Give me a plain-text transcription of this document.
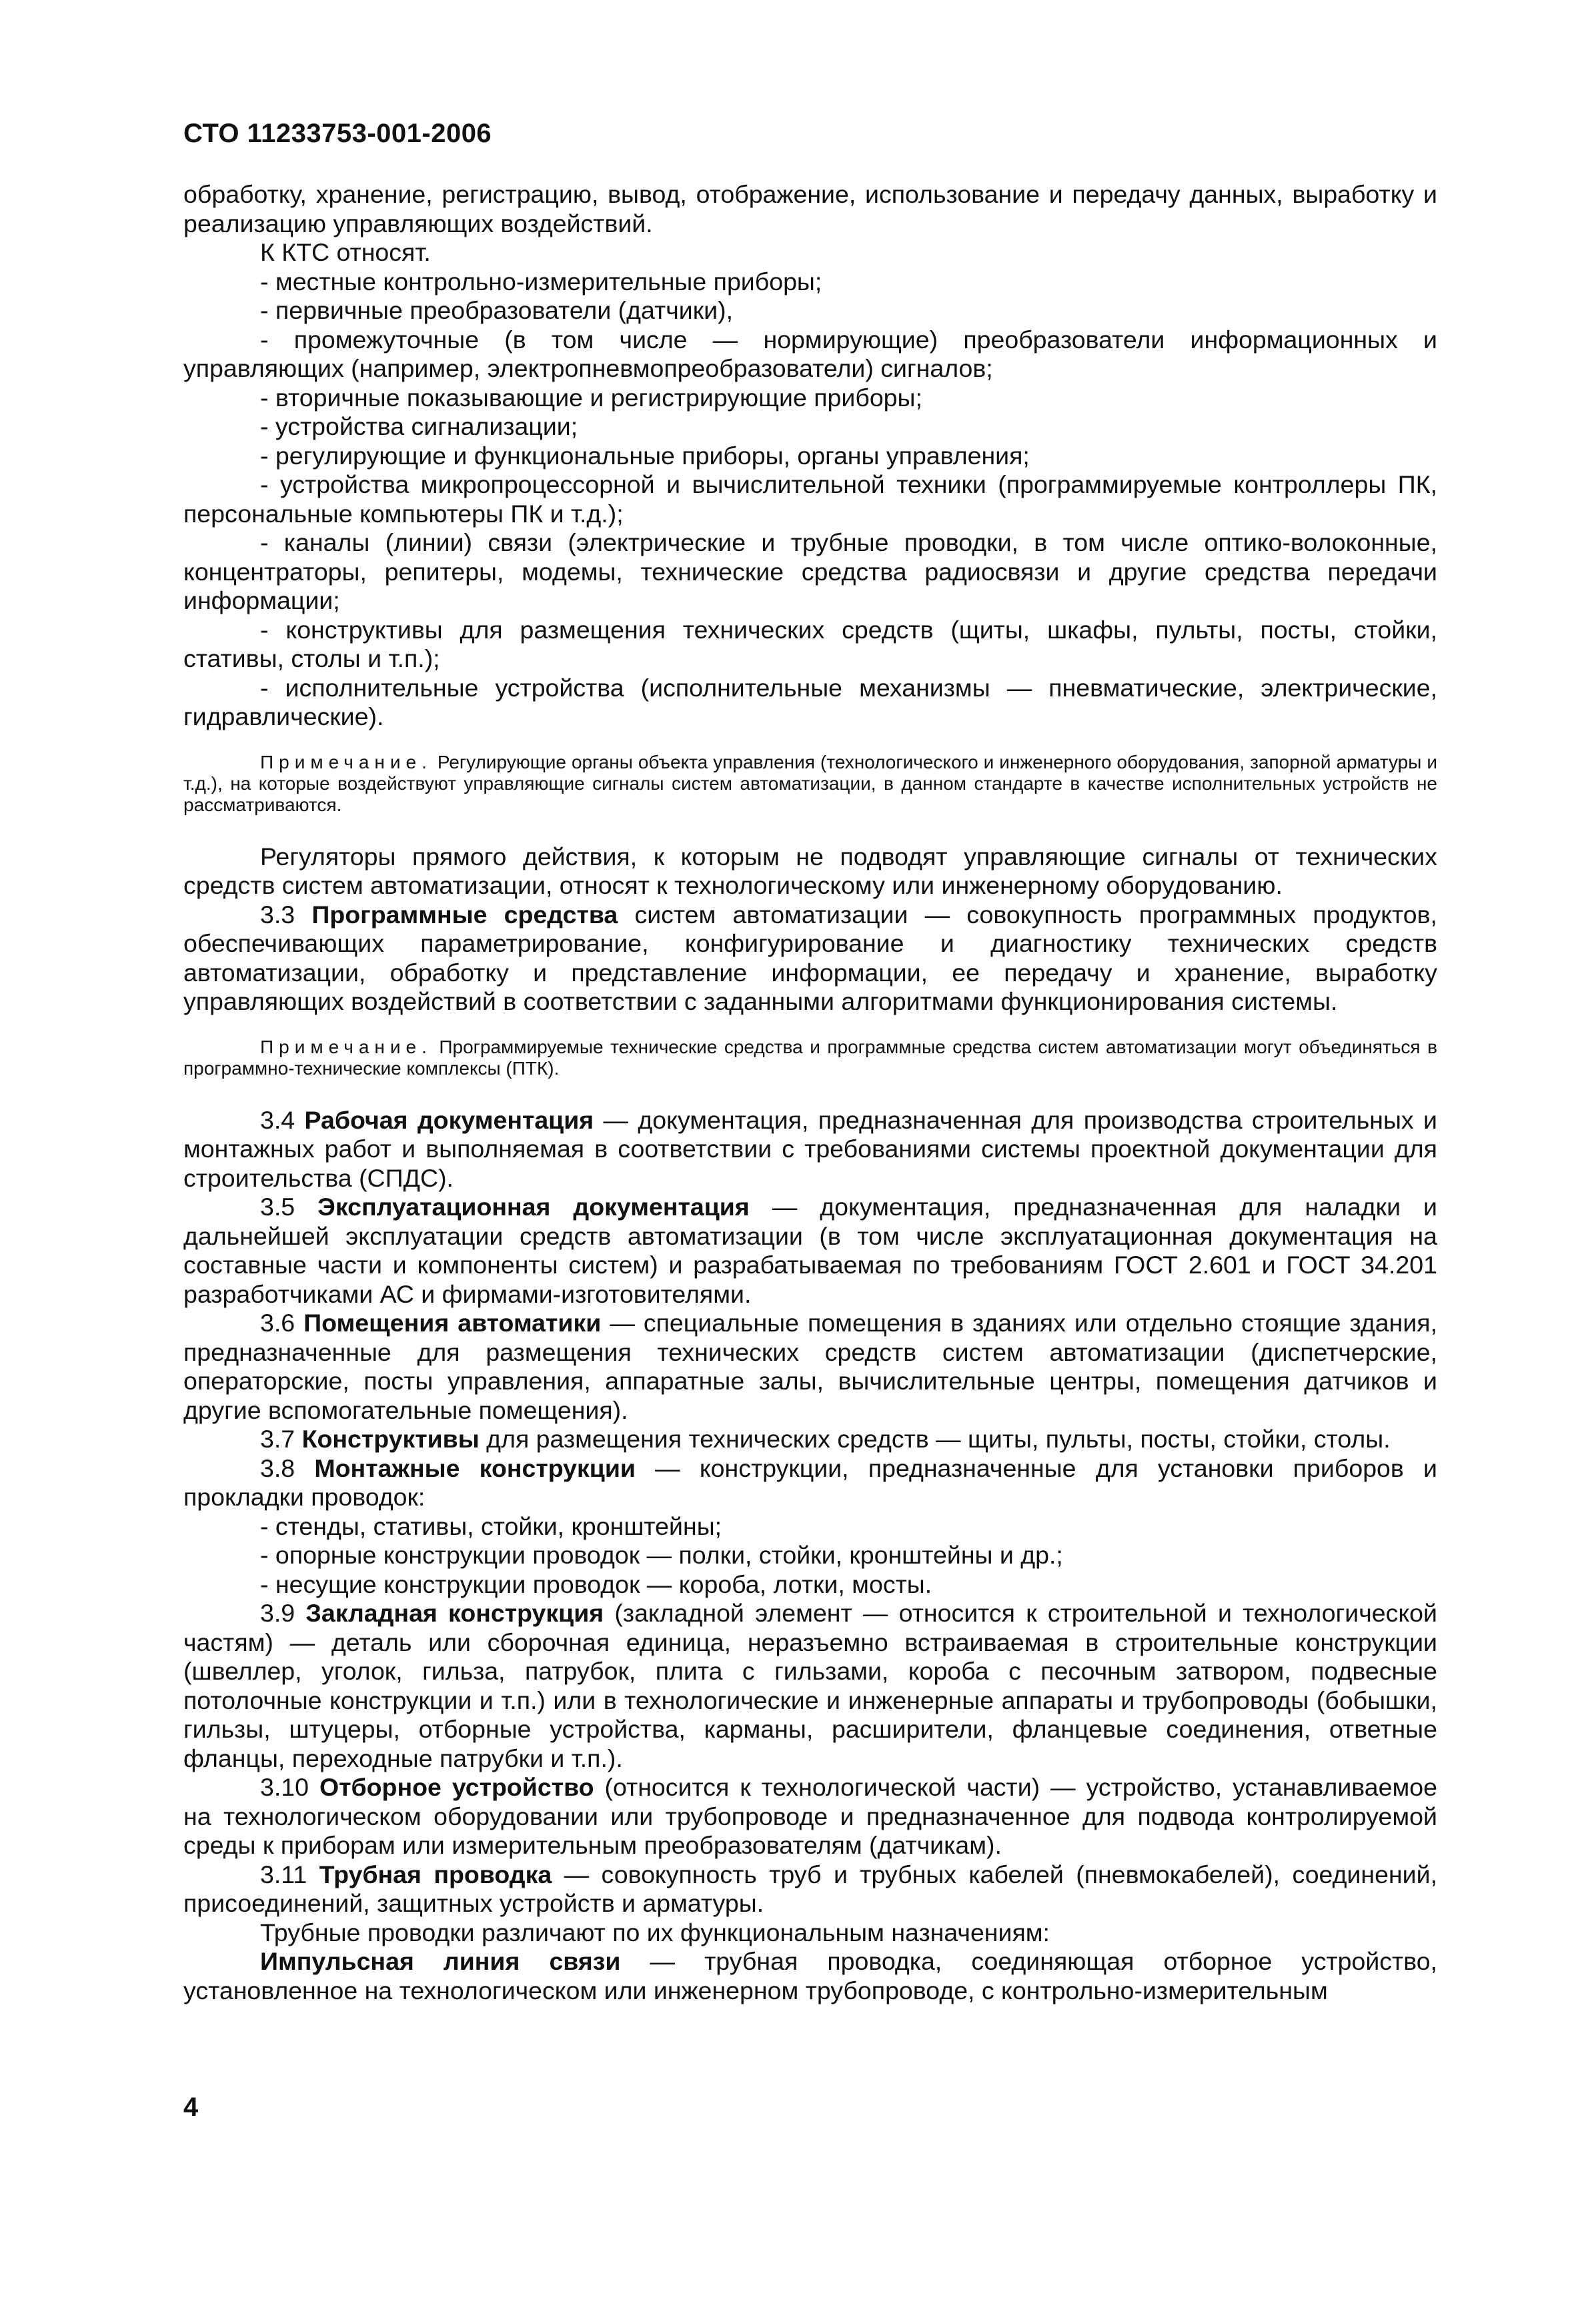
СТО 11233753-001-2006

обработку, хранение, регистрацию, вывод, отображение, использование и передачу данных, выработку и реализацию управляющих воздействий.

К КТС относят.

- местные контрольно-измерительные приборы;

- первичные преобразователи (датчики),

- промежуточные (в том числе — нормирующие) преобразователи информационных и управляющих (например, электропневмопреобразователи) сигналов;

- вторичные показывающие и регистрирующие приборы;

- устройства сигнализации;

- регулирующие и функциональные приборы, органы управления;

- устройства микропроцессорной и вычислительной техники (программируемые контроллеры ПК, персональные компьютеры ПК и т.д.);

- каналы (линии) связи (электрические и трубные проводки, в том числе оптико-волоконные, концентраторы, репитеры, модемы, технические средства радиосвязи и другие средства передачи информации;

- конструктивы для размещения технических средств (щиты, шкафы, пульты, посты, стойки, стативы, столы и т.п.);

- исполнительные устройства (исполнительные механизмы — пневматические, электрические, гидравлические).

Примечание. Регулирующие органы объекта управления (технологического и инженерного оборудования, запорной арматуры и т.д.), на которые воздействуют управляющие сигналы систем автоматизации, в данном стандарте в качестве исполнительных устройств не рассматриваются.

Регуляторы прямого действия, к которым не подводят управляющие сигналы от технических средств систем автоматизации, относят к технологическому или инженерному оборудованию.

3.3 Программные средства систем автоматизации — совокупность программных продуктов, обеспечивающих параметрирование, конфигурирование и диагностику технических средств автоматизации, обработку и представление информации, ее передачу и хранение, выработку управляющих воздействий в соответствии с заданными алгоритмами функционирования системы.

Примечание. Программируемые технические средства и программные средства систем автоматизации могут объединяться в программно-технические комплексы (ПТК).

3.4 Рабочая документация — документация, предназначенная для производства строительных и монтажных работ и выполняемая в соответствии с требованиями системы проектной документации для строительства (СПДС).

3.5 Эксплуатационная документация — документация, предназначенная для наладки и дальнейшей эксплуатации средств автоматизации (в том числе эксплуатационная документация на составные части и компоненты систем) и разрабатываемая по требованиям ГОСТ 2.601 и ГОСТ 34.201 разработчиками АС и фирмами-изготовителями.

3.6 Помещения автоматики — специальные помещения в зданиях или отдельно стоящие здания, предназначенные для размещения технических средств систем автоматизации (диспетчерские, операторские, посты управления, аппаратные залы, вычислительные центры, помещения датчиков и другие вспомогательные помещения).

3.7 Конструктивы для размещения технических средств — щиты, пульты, посты, стойки, столы.

3.8 Монтажные конструкции — конструкции, предназначенные для установки приборов и прокладки проводок:

- стенды, стативы, стойки, кронштейны;

- опорные конструкции проводок — полки, стойки, кронштейны и др.;

- несущие конструкции проводок — короба, лотки, мосты.

3.9 Закладная конструкция (закладной элемент — относится к строительной и технологической частям) — деталь или сборочная единица, неразъемно встраиваемая в строительные конструкции (швеллер, уголок, гильза, патрубок, плита с гильзами, короба с песочным затвором, подвесные потолочные конструкции и т.п.) или в технологические и инженерные аппараты и трубопроводы (бобышки, гильзы, штуцеры, отборные устройства, карманы, расширители, фланцевые соединения, ответные фланцы, переходные патрубки и т.п.).

3.10 Отборное устройство (относится к технологической части) — устройство, устанавливаемое на технологическом оборудовании или трубопроводе и предназначенное для подвода контролируемой среды к приборам или измерительным преобразователям (датчикам).

3.11 Трубная проводка — совокупность труб и трубных кабелей (пневмокабелей), соединений, присоединений, защитных устройств и арматуры.

Трубные проводки различают по их функциональным назначениям:

Импульсная линия связи — трубная проводка, соединяющая отборное устройство, установленное на технологическом или инженерном трубопроводе, с контрольно-измерительным

4
